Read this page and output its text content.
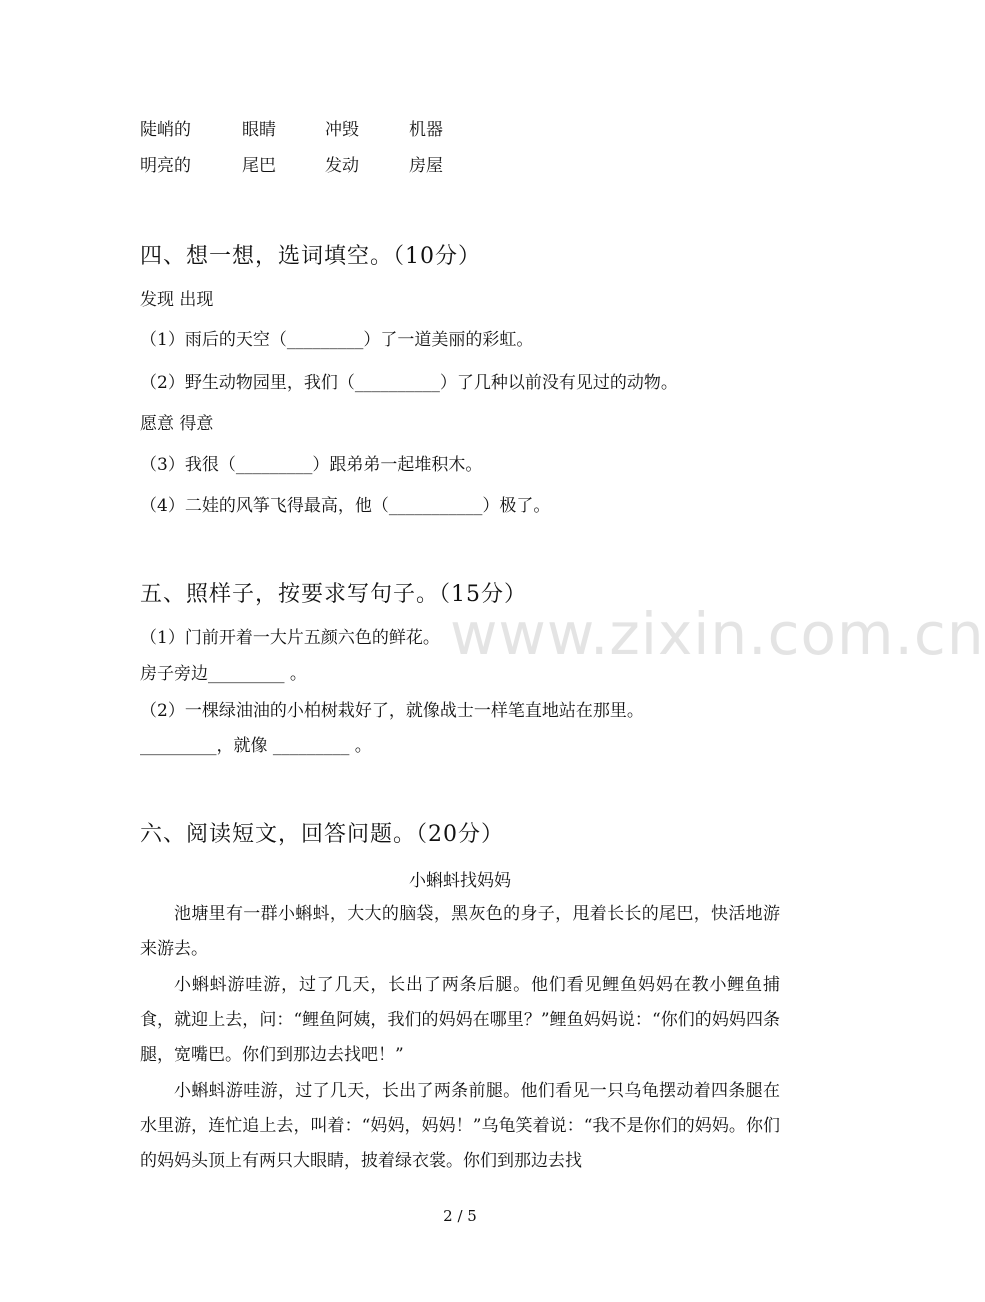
www.zixin.com.cn
陡峭的	眼睛	冲毁	机器
明亮的	尾巴	发动	房屋
四、想一想，选词填空。（10分）
发现 出现
（1）雨后的天空（_________）了一道美丽的彩虹。
（2）野生动物园里，我们（__________）了几种以前没有见过的动物。
愿意 得意
（3）我很（_________）跟弟弟一起堆积木。
（4）二娃的风筝飞得最高，他（___________）极了。
五、照样子，按要求写句子。（15分）
（1）门前开着一大片五颜六色的鲜花。
房子旁边_________ 。
（2）一棵绿油油的小柏树栽好了，就像战士一样笔直地站在那里。
_________，就像 _________ 。
六、阅读短文，回答问题。（20分）
小蝌蚪找妈妈
池塘里有一群小蝌蚪，大大的脑袋，黑灰色的身子，甩着长长的尾巴，快活地游来游去。
小蝌蚪游哇游，过了几天，长出了两条后腿。他们看见鲤鱼妈妈在教小鲤鱼捕食，就迎上去，问：“鲤鱼阿姨，我们的妈妈在哪里？”鲤鱼妈妈说：“你们的妈妈四条腿，宽嘴巴。你们到那边去找吧！”
小蝌蚪游哇游，过了几天，长出了两条前腿。他们看见一只乌龟摆动着四条腿在水里游，连忙追上去，叫着：“妈妈，妈妈！”乌龟笑着说：“我不是你们的妈妈。你们的妈妈头顶上有两只大眼睛，披着绿衣裳。你们到那边去找
2 / 5
